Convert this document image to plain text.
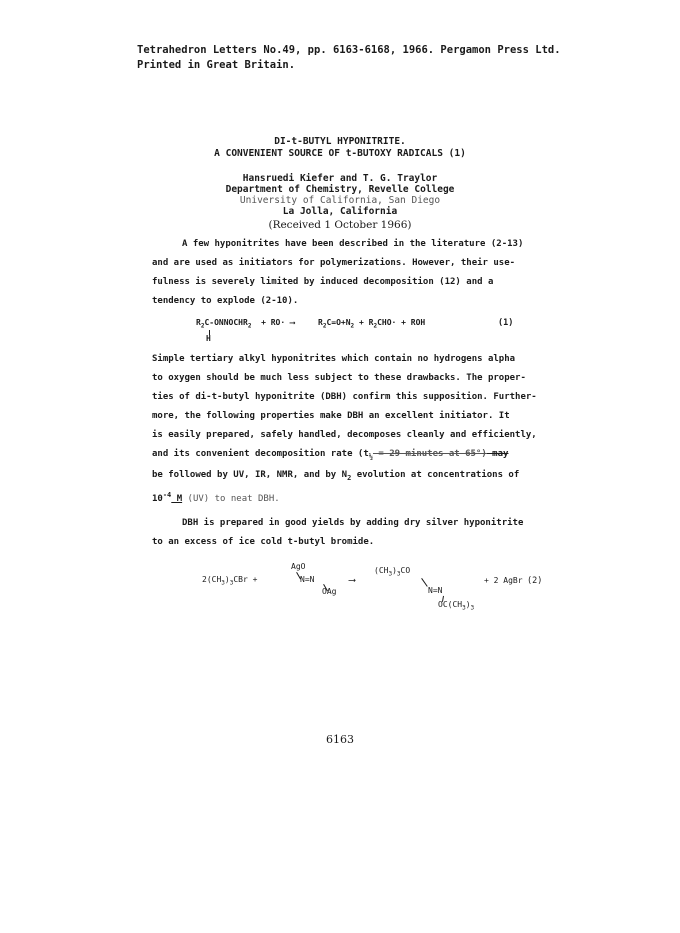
Tetrahedron Letters No.49, pp. 6163-6168, 1966. Pergamon Press Ltd.
Printed in Great Britain.
DI-t-BUTYL HYPONITRITE.
A CONVENIENT SOURCE OF t-BUTOXY RADICALS (1)
Hansruedi Kiefer and T. G. Traylor
Department of Chemistry, Revelle College
University of California, San Diego
La Jolla, California
(Received 1 October 1966)
A few hyponitrites have been described in the literature (2-13)
and are used as initiators for polymerizations. However, their use-
fulness is severely limited by induced decomposition (12) and a
tendency to explode (2-10).
$R_2C-ONNOCHR_2 + RO\cdot$ ⟶	$R_2C=O+N_2 + R_2CHO\cdot$ + ROH
H
(1)
Simple tertiary alkyl hyponitrites which contain no hydrogens alpha
to oxygen should be much less subject to these drawbacks. The proper-
ties of di-t-butyl hyponitrite (DBH) confirm this supposition. Further-
more, the following properties make DBH an excellent initiator. It
is easily prepared, safely handled, decomposes cleanly and efficiently,
and its convenient decomposition rate ($t_{\frac{1}{2}} = 29$ minutes at 65°) may
be followed by UV, IR, NMR, and by $N_2$ evolution at concentrations of
$10^{-4}$ M (UV) to neat DBH.
DBH is prepared in good yields by adding dry silver hyponitrite
to an excess of ice cold t-butyl bromide.
$2(CH_3)_3CBr$ +
AgO
N=N
OAg
⟶
$(CH_3)_3CO$
N=N
$OC(CH_3)_3$
+ 2 AgBr (2)
6163
